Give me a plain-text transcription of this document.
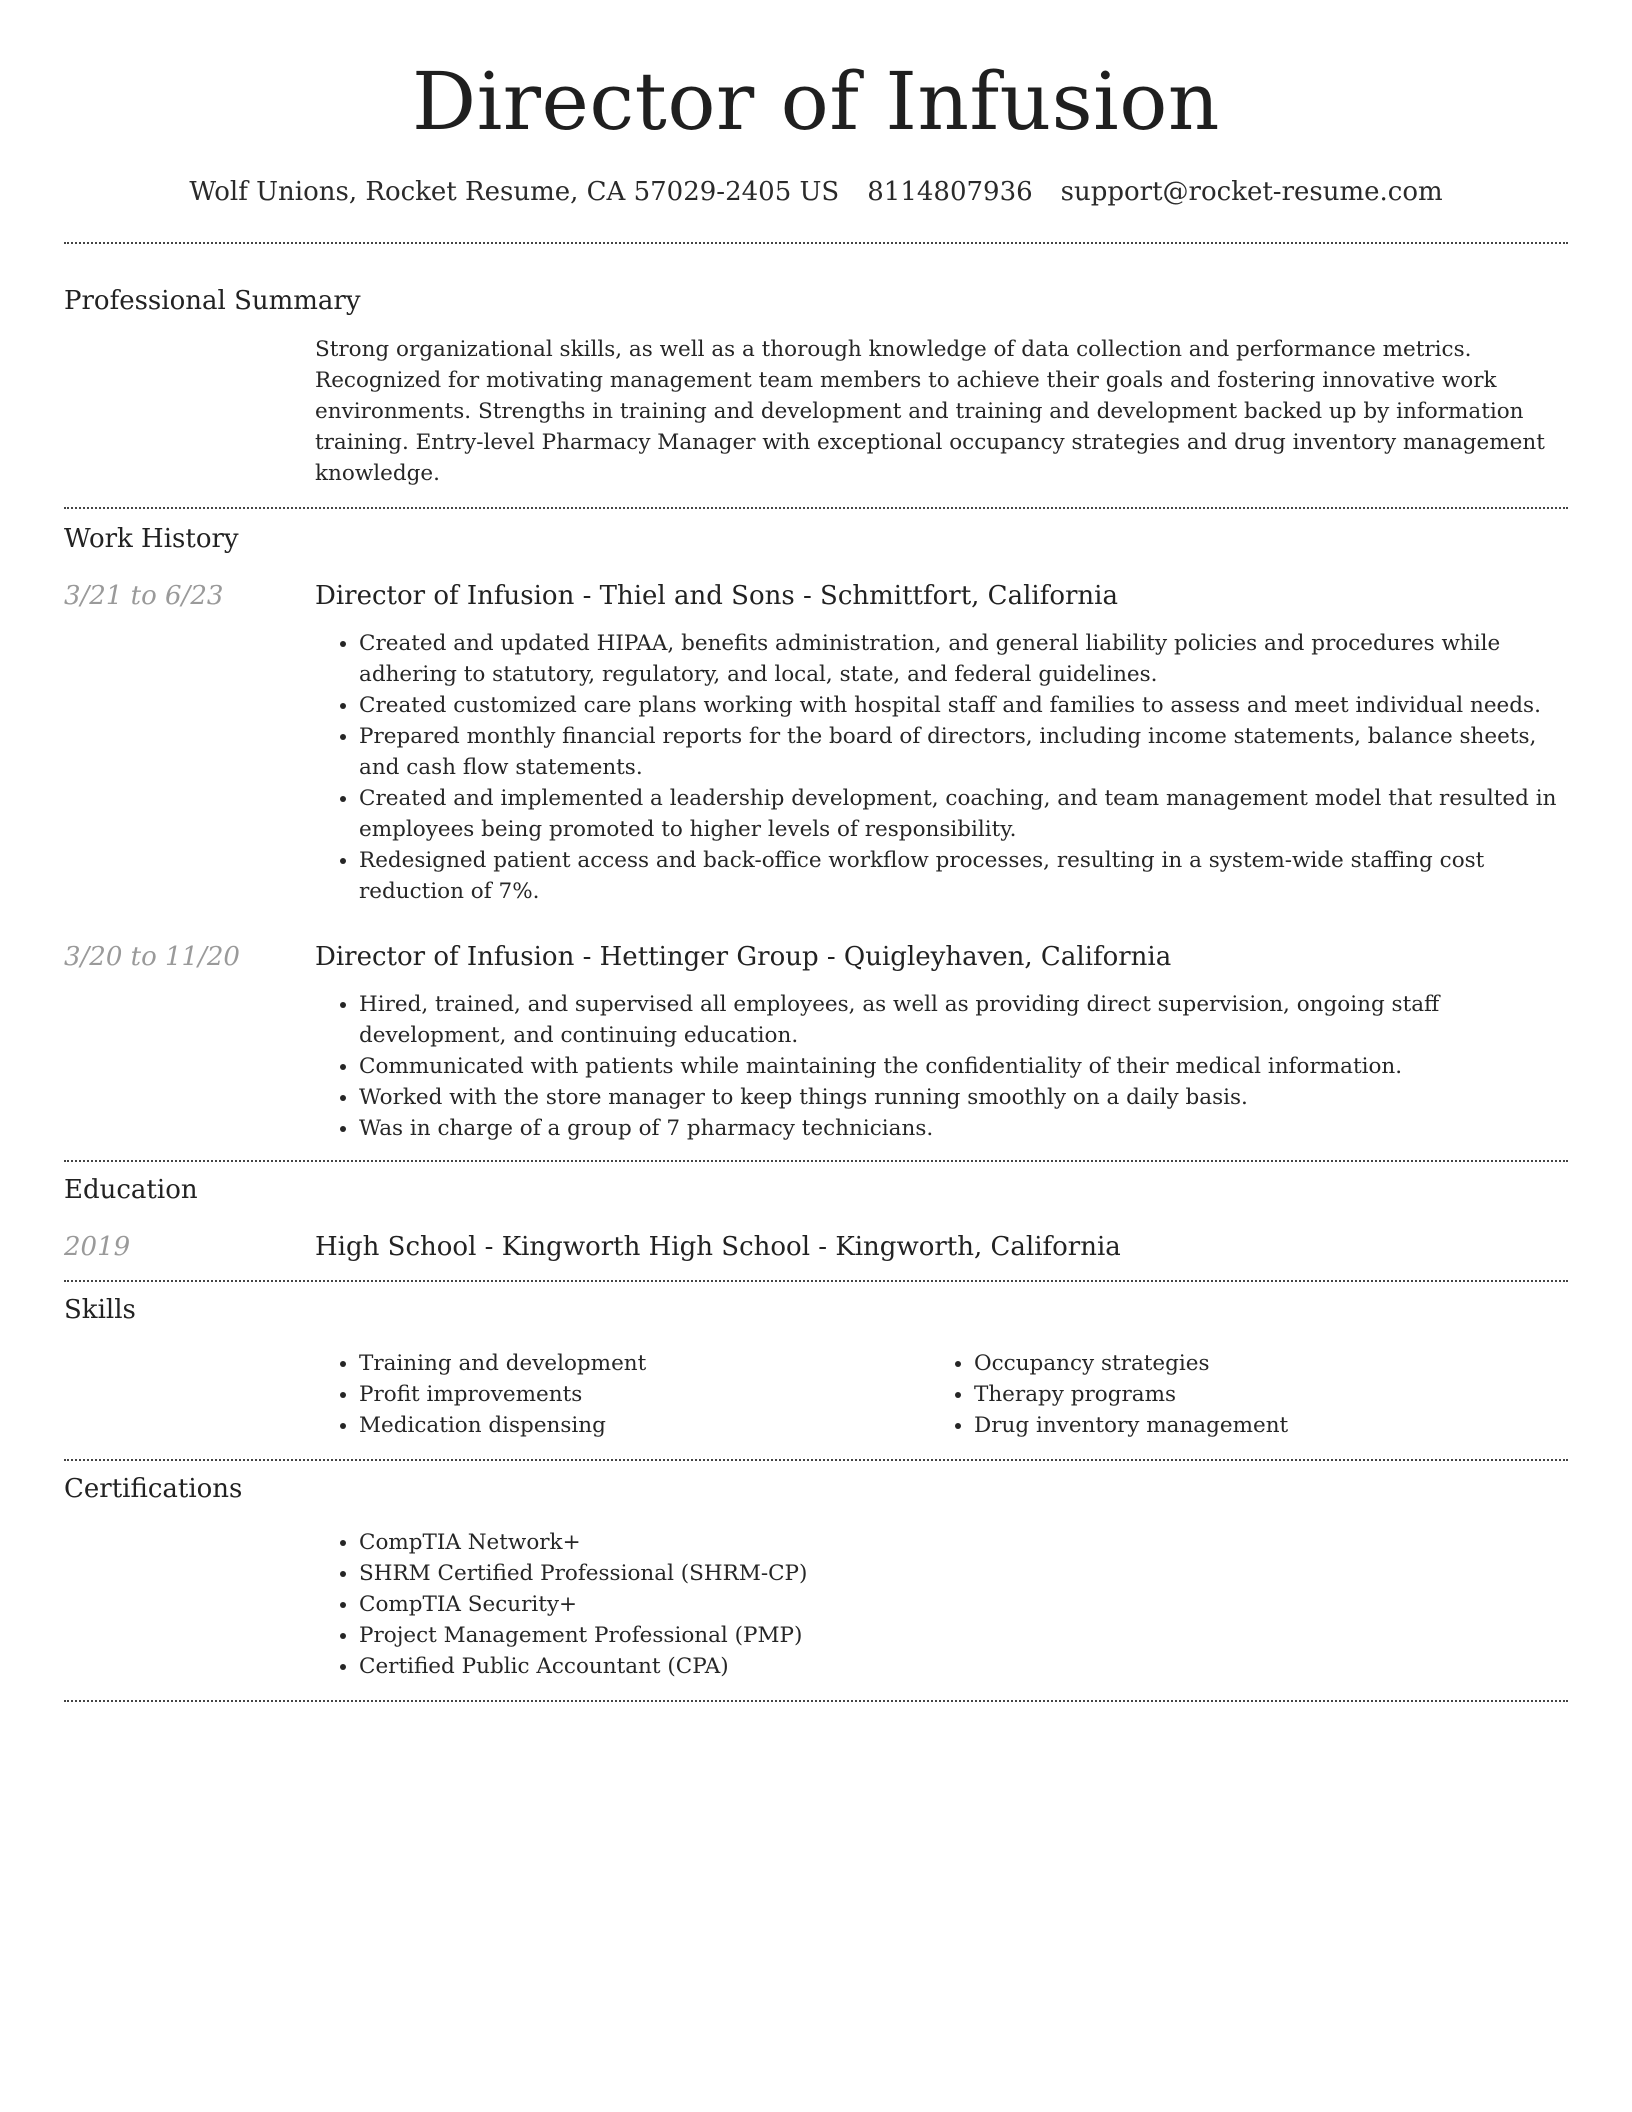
Director of Infusion
Wolf Unions, Rocket Resume, CA 57029-2405 US 8114807936 support@rocket-resume.com
Professional Summary

Strong organizational skills, as well as a thorough knowledge of data collection and performance metrics. Recognized for motivating management team members to achieve their goals and fostering innovative work environments. Strengths in training and development and training and development backed up by information training. Entry-level Pharmacy Manager with exceptional occupancy strategies and drug inventory management knowledge.

Work History
3/21 to 6/23	Director of Infusion - Thiel and Sons - Schmittfort, California
• Created and updated HIPAA, benefits administration, and general liability policies and procedures while adhering to statutory, regulatory, and local, state, and federal guidelines.
• Created customized care plans working with hospital staff and families to assess and meet individual needs.
• Prepared monthly financial reports for the board of directors, including income statements, balance sheets, and cash flow statements.
• Created and implemented a leadership development, coaching, and team management model that resulted in employees being promoted to higher levels of responsibility.
• Redesigned patient access and back-office workflow processes, resulting in a system-wide staffing cost reduction of 7%.
3/20 to 11/20	Director of Infusion - Hettinger Group - Quigleyhaven, California
• Hired, trained, and supervised all employees, as well as providing direct supervision, ongoing staff development, and continuing education.
• Communicated with patients while maintaining the confidentiality of their medical information.
• Worked with the store manager to keep things running smoothly on a daily basis.
• Was in charge of a group of 7 pharmacy technicians.
Education
2019	High School - Kingworth High School - Kingworth, California
Skills
• Training and development
• Profit improvements
• Medication dispensing
• Occupancy strategies
• Therapy programs
• Drug inventory management
Certifications
• CompTIA Network+
• SHRM Certified Professional (SHRM-CP)
• CompTIA Security+
• Project Management Professional (PMP)
• Certified Public Accountant (CPA)
